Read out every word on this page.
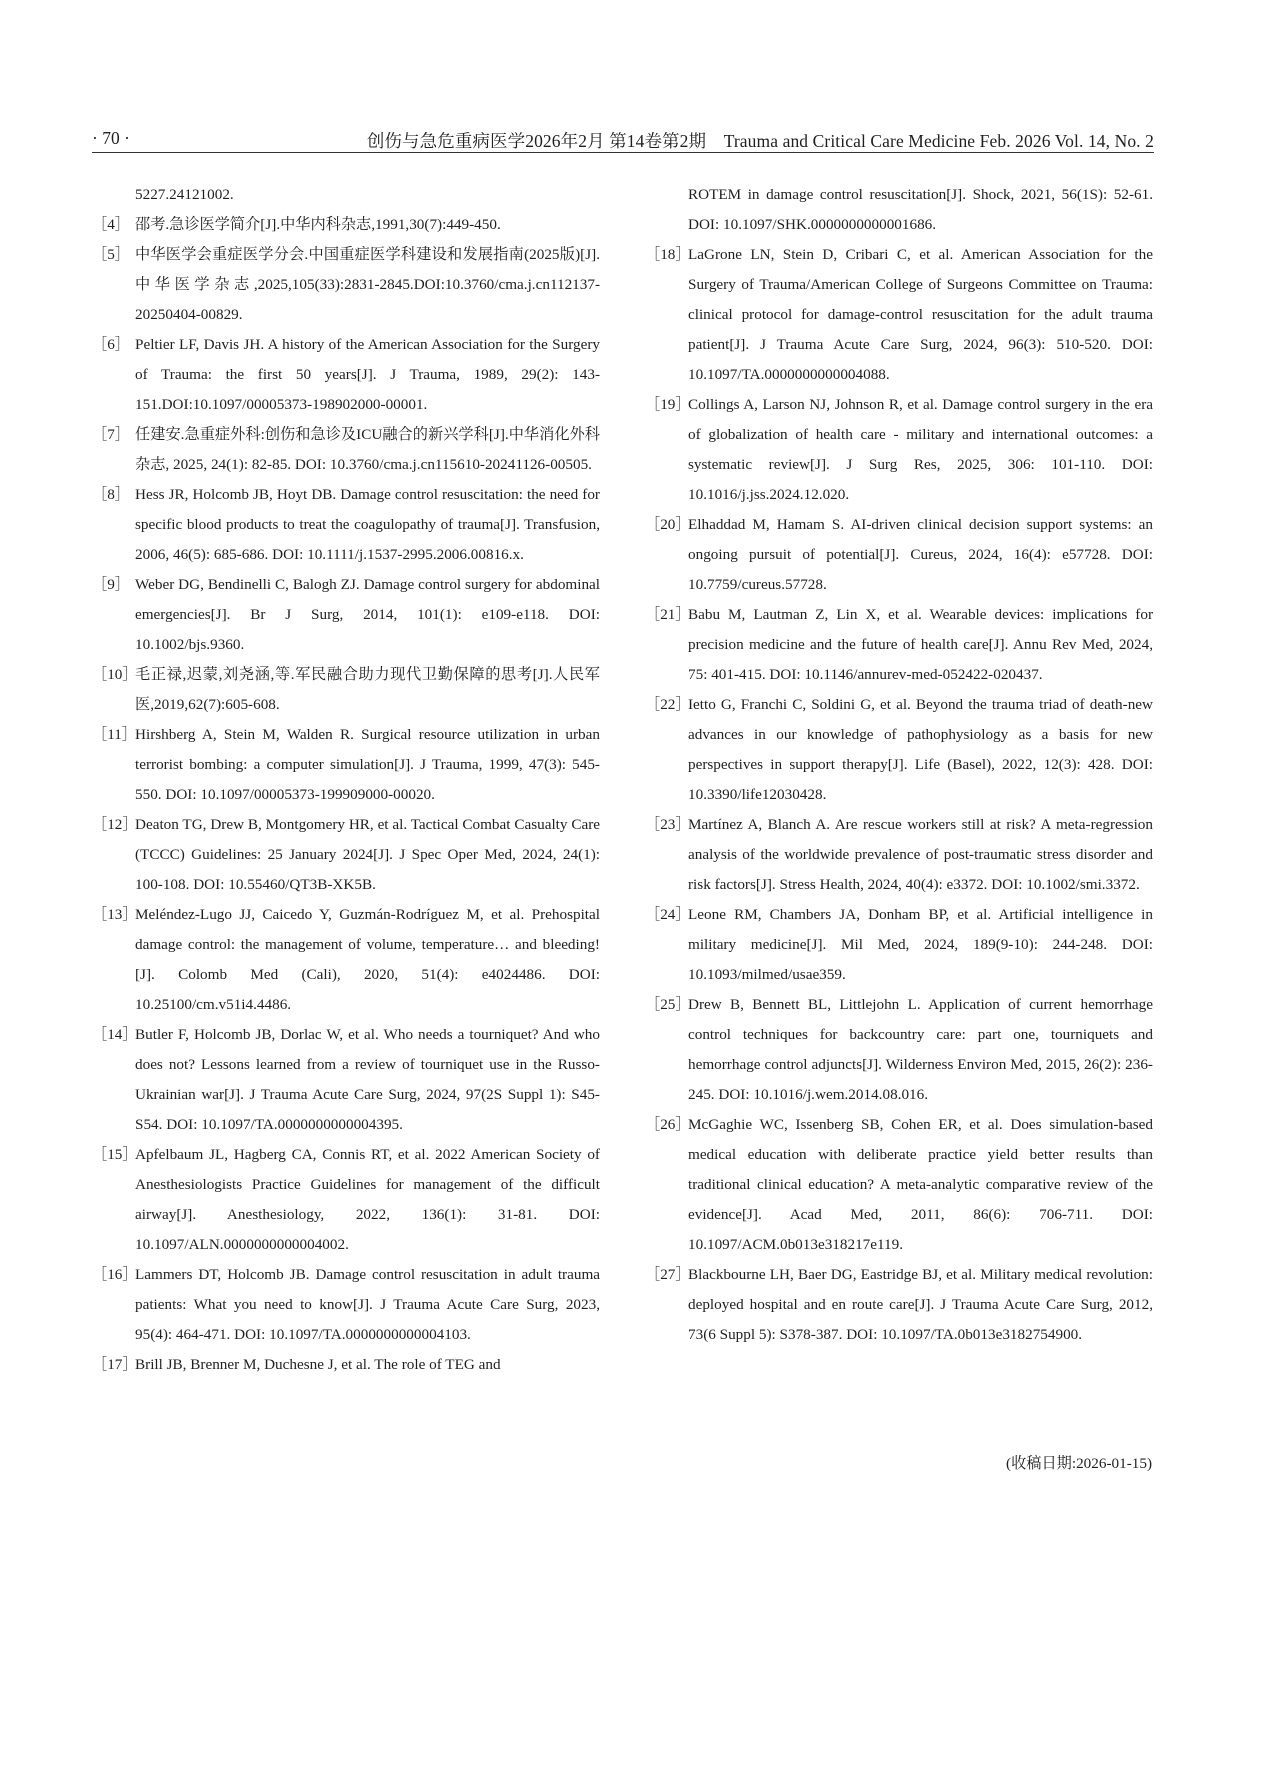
· 70 ·	创伤与急危重病医学2026年2月 第14卷第2期　Trauma and Critical Care Medicine Feb. 2026 Vol. 14, No. 2
5227.24121002.
［4］ 邵考.急诊医学简介[J].中华内科杂志,1991,30(7):449-450.
［5］ 中华医学会重症医学分会.中国重症医学科建设和发展指南(2025版)[J].中华医学杂志,2025,105(33):2831-2845.DOI:10.3760/cma.j.cn112137-20250404-00829.
［6］ Peltier LF, Davis JH. A history of the American Association for the Surgery of Trauma: the first 50 years[J]. J Trauma, 1989, 29(2): 143-151.DOI:10.1097/00005373-198902000-00001.
［7］ 任建安.急重症外科:创伤和急诊及ICU融合的新兴学科[J].中华消化外科杂志, 2025, 24(1): 82-85. DOI: 10.3760/cma.j.cn115610-20241126-00505.
［8］ Hess JR, Holcomb JB, Hoyt DB. Damage control resuscitation: the need for specific blood products to treat the coagulopathy of trauma[J]. Transfusion, 2006, 46(5): 685-686. DOI: 10.1111/j.1537-2995.2006.00816.x.
［9］ Weber DG, Bendinelli C, Balogh ZJ. Damage control surgery for abdominal emergencies[J]. Br J Surg, 2014, 101(1): e109-e118. DOI: 10.1002/bjs.9360.
［10］
毛正禄,迟蒙,刘尧涵,等.军民融合助力现代卫勤保障的思考[J].人民军医,2019,62(7):605-608.
［11］
Hirshberg A, Stein M, Walden R. Surgical resource utilization in urban terrorist bombing: a computer simulation[J]. J Trauma, 1999, 47(3): 545-550. DOI: 10.1097/00005373-199909000-00020.
［12］
Deaton TG, Drew B, Montgomery HR, et al. Tactical Combat Casualty Care (TCCC) Guidelines: 25 January 2024[J]. J Spec Oper Med, 2024, 24(1): 100-108. DOI: 10.55460/QT3B-XK5B.
［13］
Meléndez-Lugo JJ, Caicedo Y, Guzmán-Rodríguez M, et al. Prehospital damage control: the management of volume, temperature… and bleeding![J]. Colomb Med (Cali), 2020, 51(4): e4024486. DOI: 10.25100/cm.v51i4.4486.
［14］
Butler F, Holcomb JB, Dorlac W, et al. Who needs a tourniquet? And who does not? Lessons learned from a review of tourniquet use in the Russo-Ukrainian war[J]. J Trauma Acute Care Surg, 2024, 97(2S Suppl 1): S45-S54. DOI: 10.1097/TA.0000000000004395.
［15］
Apfelbaum JL, Hagberg CA, Connis RT, et al. 2022 American Society of Anesthesiologists Practice Guidelines for management of the difficult airway[J]. Anesthesiology, 2022, 136(1): 31-81. DOI: 10.1097/ALN.0000000000004002.
［16］
Lammers DT, Holcomb JB. Damage control resuscitation in adult trauma patients: What you need to know[J]. J Trauma Acute Care Surg, 2023, 95(4): 464-471. DOI: 10.1097/TA.0000000000004103.
［17］
Brill JB, Brenner M, Duchesne J, et al. The role of TEG and
ROTEM in damage control resuscitation[J]. Shock, 2021, 56(1S): 52-61. DOI: 10.1097/SHK.0000000000001686.
［18］
LaGrone LN, Stein D, Cribari C, et al. American Association for the Surgery of Trauma/American College of Surgeons Committee on Trauma: clinical protocol for damage-control resuscitation for the adult trauma patient[J]. J Trauma Acute Care Surg, 2024, 96(3): 510-520. DOI: 10.1097/TA.0000000000004088.
［19］
Collings A, Larson NJ, Johnson R, et al. Damage control surgery in the era of globalization of health care - military and international outcomes: a systematic review[J]. J Surg Res, 2025, 306: 101-110. DOI: 10.1016/j.jss.2024.12.020.
［20］
Elhaddad M, Hamam S. AI-driven clinical decision support systems: an ongoing pursuit of potential[J]. Cureus, 2024, 16(4): e57728. DOI: 10.7759/cureus.57728.
［21］
Babu M, Lautman Z, Lin X, et al. Wearable devices: implications for precision medicine and the future of health care[J]. Annu Rev Med, 2024, 75: 401-415. DOI: 10.1146/annurev-med-052422-020437.
［22］
Ietto G, Franchi C, Soldini G, et al. Beyond the trauma triad of death-new advances in our knowledge of pathophysiology as a basis for new perspectives in support therapy[J]. Life (Basel), 2022, 12(3): 428. DOI: 10.3390/life12030428.
［23］
Martínez A, Blanch A. Are rescue workers still at risk? A meta-regression analysis of the worldwide prevalence of post-traumatic stress disorder and risk factors[J]. Stress Health, 2024, 40(4): e3372. DOI: 10.1002/smi.3372.
［24］
Leone RM, Chambers JA, Donham BP, et al. Artificial intelligence in military medicine[J]. Mil Med, 2024, 189(9-10): 244-248. DOI: 10.1093/milmed/usae359.
［25］
Drew B, Bennett BL, Littlejohn L. Application of current hemorrhage control techniques for backcountry care: part one, tourniquets and hemorrhage control adjuncts[J]. Wilderness Environ Med, 2015, 26(2): 236-245. DOI: 10.1016/j.wem.2014.08.016.
［26］
McGaghie WC, Issenberg SB, Cohen ER, et al. Does simulation-based medical education with deliberate practice yield better results than traditional clinical education? A meta-analytic comparative review of the evidence[J]. Acad Med, 2011, 86(6): 706-711. DOI: 10.1097/ACM.0b013e318217e119.
［27］
Blackbourne LH, Baer DG, Eastridge BJ, et al. Military medical revolution: deployed hospital and en route care[J]. J Trauma Acute Care Surg, 2012, 73(6 Suppl 5): S378-387. DOI: 10.1097/TA.0b013e3182754900.
(收稿日期:2026-01-15)
